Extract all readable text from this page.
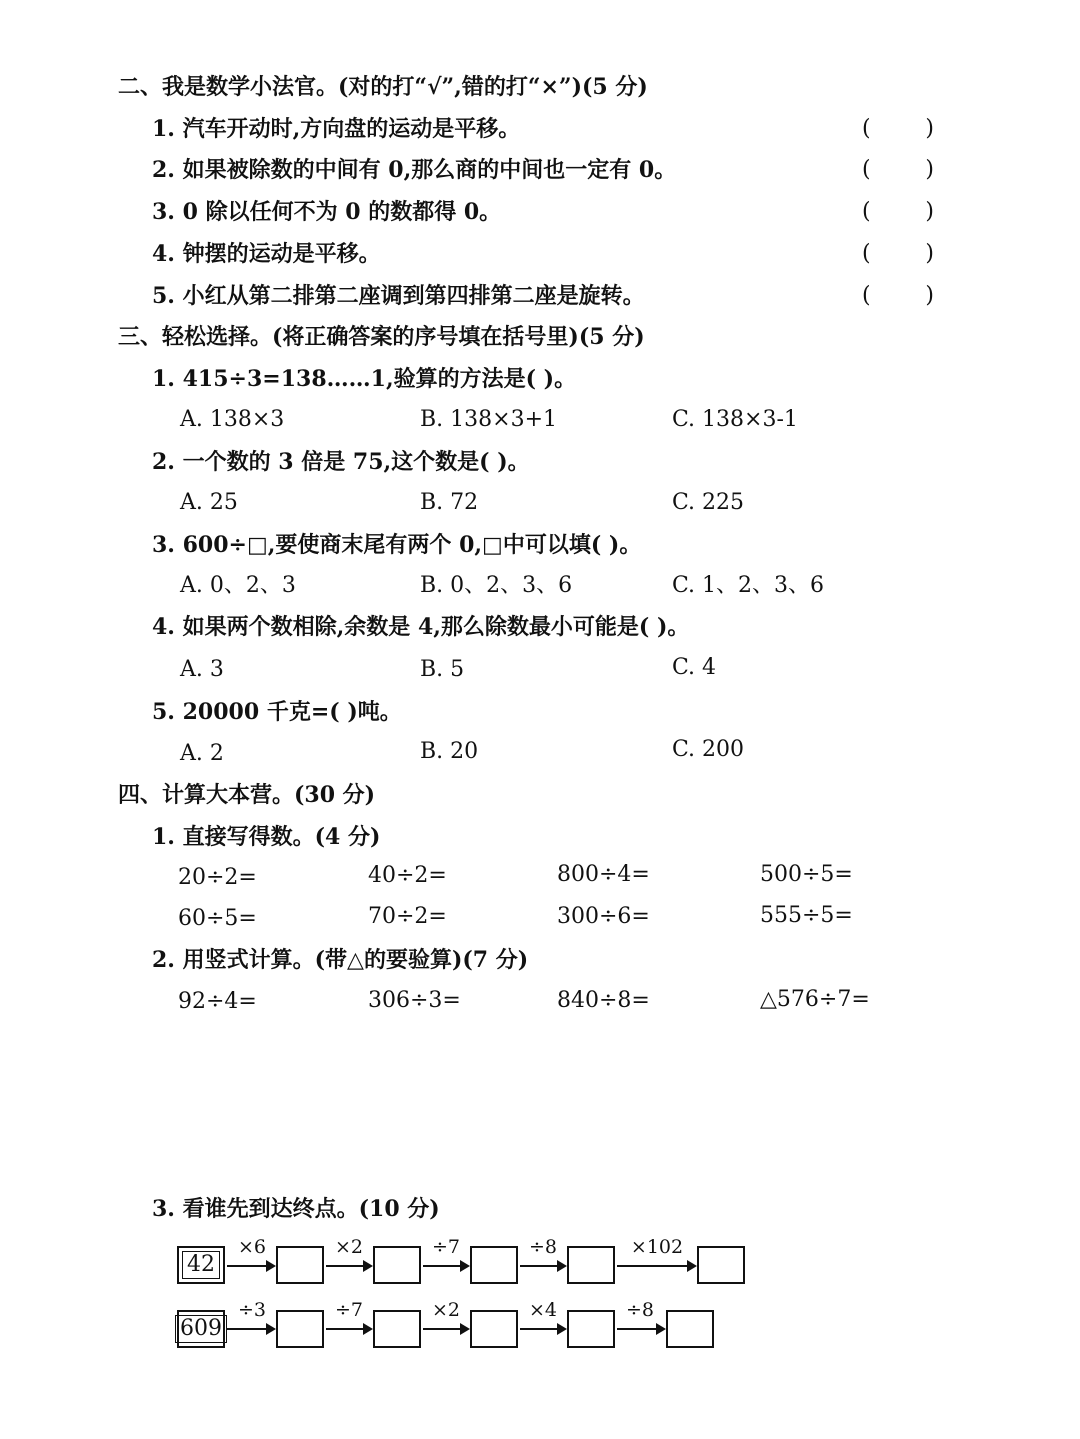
二、我是数学小法官。(对的打“√”,错的打“×”)(5 分)
1. 汽车开动时,方向盘的运动是平移。	( )
2. 如果被除数的中间有 0,那么商的中间也一定有 0。	( )
3. 0 除以任何不为 0 的数都得 0。	( )
4. 钟摆的运动是平移。	( )
5. 小红从第二排第二座调到第四排第二座是旋转。	( )
三、轻松选择。(将正确答案的序号填在括号里)(5 分)
1. 415÷3=138……1,验算的方法是( )。
A. 138×3	B. 138×3+1	C. 138×3-1
2. 一个数的 3 倍是 75,这个数是( )。
A. 25	B. 72	C. 225
3. 600÷□,要使商末尾有两个 0,□中可以填( )。
A. 0、2、3	B. 0、2、3、6	C. 1、2、3、6
4. 如果两个数相除,余数是 4,那么除数最小可能是( )。
A. 3	B. 5	C. 4
5. 20000 千克=( )吨。
A. 2	B. 20	C. 200
四、计算大本营。(30 分)
1. 直接写得数。(4 分)
20÷2=	40÷2=	800÷4=	500÷5=
60÷5=	70÷2=	300÷6=	555÷5=
2. 用竖式计算。(带△的要验算)(7 分)
92÷4=	306÷3=	840÷8=	△576÷7=
3. 看谁先到达终点。(10 分)
42
×6	×2	÷7	÷8	×102
609
÷3	÷7	×2	×4	÷8
